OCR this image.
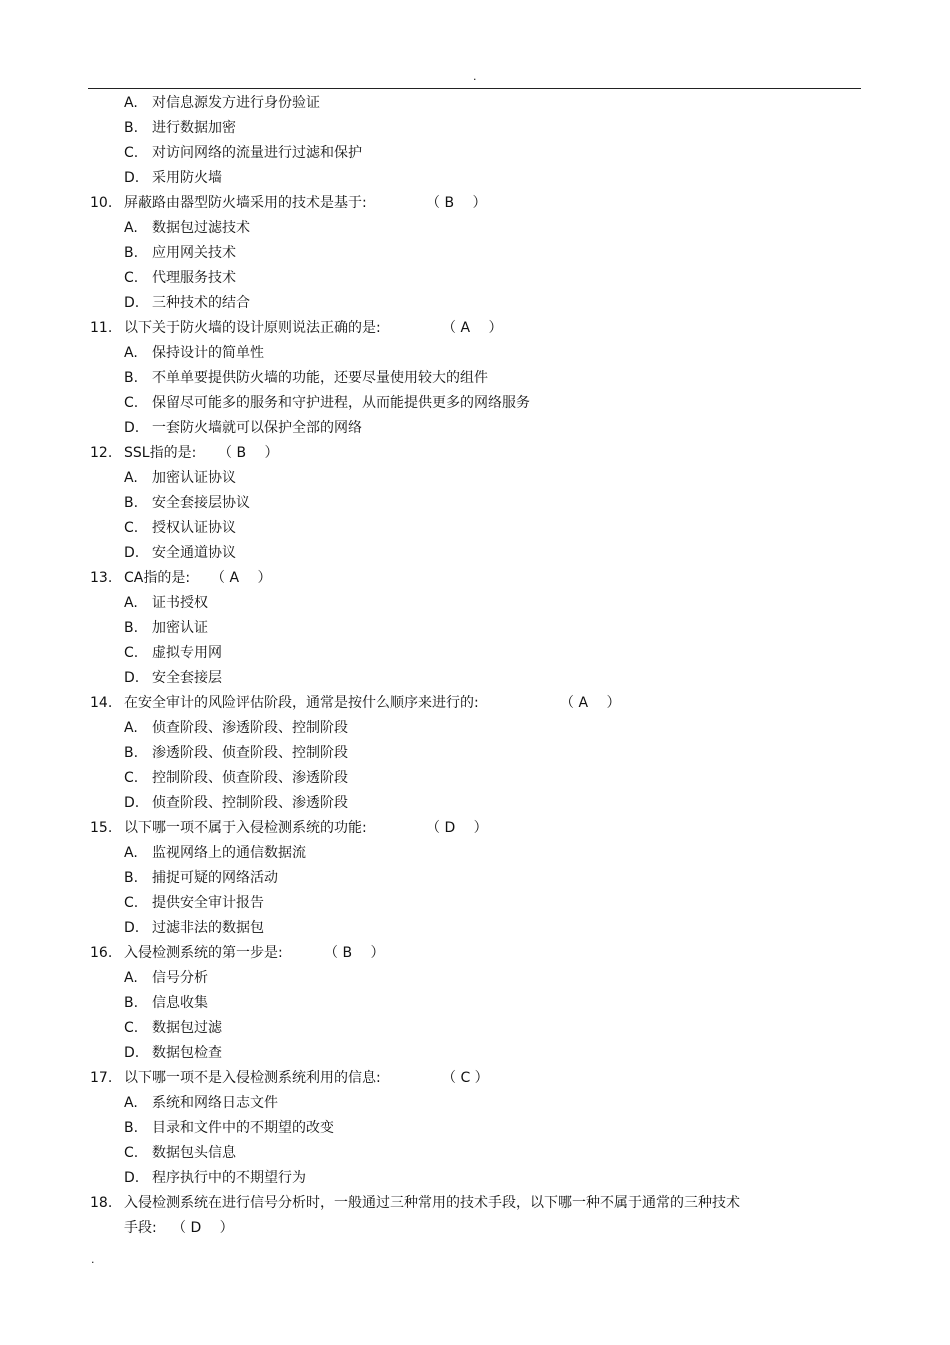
.
A. 对信息源发方进行身份验证
B. 进行数据加密
C. 对访问网络的流量进行过滤和保护
D. 采用防火墙
10. 屏蔽路由器型防火墙采用的技术是基于:	（ B　 ）
A. 数据包过滤技术
B. 应用网关技术
C. 代理服务技术
D. 三种技术的结合
11. 以下关于防火墙的设计原则说法正确的是:	（ A　 ）
A. 保持设计的简单性
B. 不单单要提供防火墙的功能，还要尽量使用较大的组件
C. 保留尽可能多的服务和守护进程，从而能提供更多的网络服务
D. 一套防火墙就可以保护全部的网络
12. SSL指的是: （ B　 ）
A. 加密认证协议
B. 安全套接层协议
C. 授权认证协议
D. 安全通道协议
13. CA指的是: （ A　 ）
A. 证书授权
B. 加密认证
C. 虚拟专用网
D. 安全套接层
14. 在安全审计的风险评估阶段，通常是按什么顺序来进行的:	（ A　 ）
A. 侦查阶段、渗透阶段、控制阶段
B. 渗透阶段、侦查阶段、控制阶段
C. 控制阶段、侦查阶段、渗透阶段
D. 侦查阶段、控制阶段、渗透阶段
15. 以下哪一项不属于入侵检测系统的功能:	（ D　 ）
A. 监视网络上的通信数据流
B. 捕捉可疑的网络活动
C. 提供安全审计报告
D. 过滤非法的数据包
16. 入侵检测系统的第一步是:	（ B　 ）
A. 信号分析
B. 信息收集
C. 数据包过滤
D. 数据包检查
17. 以下哪一项不是入侵检测系统利用的信息:	（ C ）
A. 系统和网络日志文件
B. 目录和文件中的不期望的改变
C. 数据包头信息
D. 程序执行中的不期望行为
18. 入侵检测系统在进行信号分析时，一般通过三种常用的技术手段，以下哪一种不属于通常的三种技术
手段: （ D　 ）
.
